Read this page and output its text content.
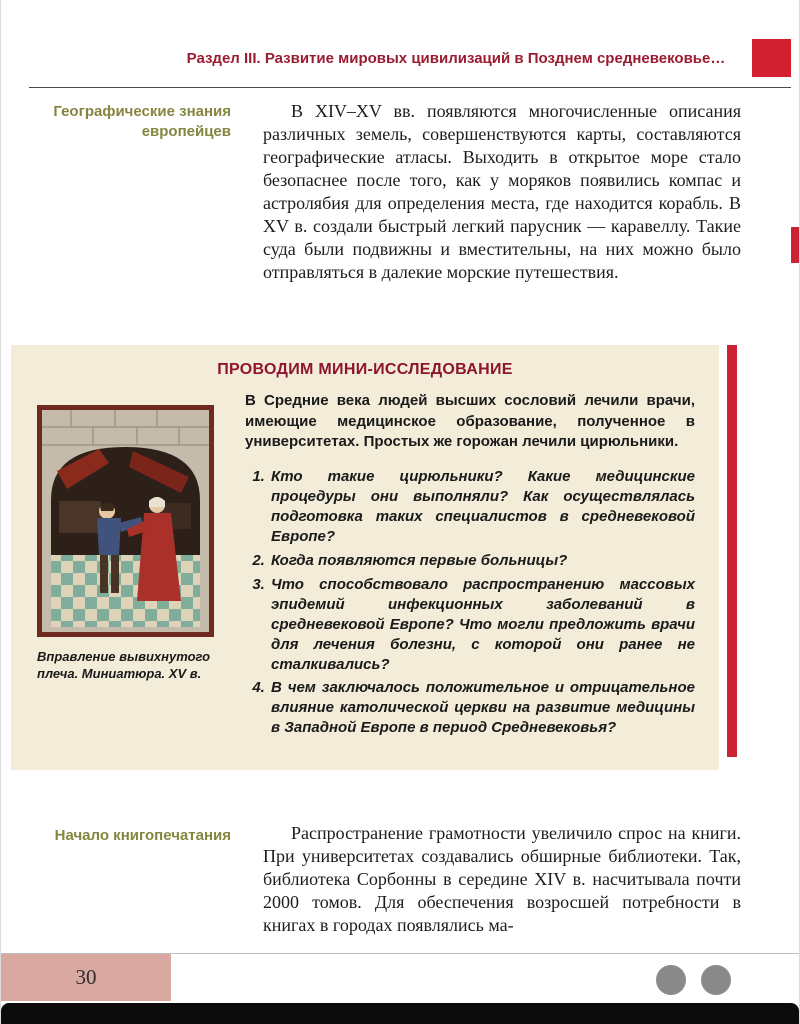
Раздел III. Развитие мировых цивилизаций в Позднем средневековье…
Географические знания европейцев
В XIV–XV вв. появляются многочисленные описания различных земель, совершенствуются карты, составляются географические атласы. Выходить в открытое море стало безопаснее после того, как у моряков появились компас и астролябия для определения места, где находится корабль. В XV в. создали быстрый легкий парусник — каравеллу. Такие суда были подвижны и вместительны, на них можно было отправляться в далекие морские путешествия.
ПРОВОДИМ МИНИ-ИССЛЕДОВАНИЕ
Вправление вывихнутого плеча. Миниатюра. XV в.
В Средние века людей высших сословий лечили врачи, имеющие медицинское образование, полученное в университетах. Простых же горожан лечили цирюльники.
1. Кто такие цирюльники? Какие медицинские процедуры они выполняли? Как осуществлялась подготовка таких специалистов в средневековой Европе?
2. Когда появляются первые больницы?
3. Что способствовало распространению массовых эпидемий инфекционных заболеваний в средневековой Европе? Что могли предложить врачи для лечения болезни, с которой они ранее не сталкивались?
4. В чем заключалось положительное и отрицательное влияние католической церкви на развитие медицины в Западной Европе в период Средневековья?
Начало книгопечатания	Распространение грамотности увеличило спрос на книги. При университетах создавались обширные библиотеки. Так, библиотека Сорбонны в середине XIV в. насчитывала почти 2000 томов. Для обеспечения возросшей потребности в книгах в городах появлялись ма-
30
